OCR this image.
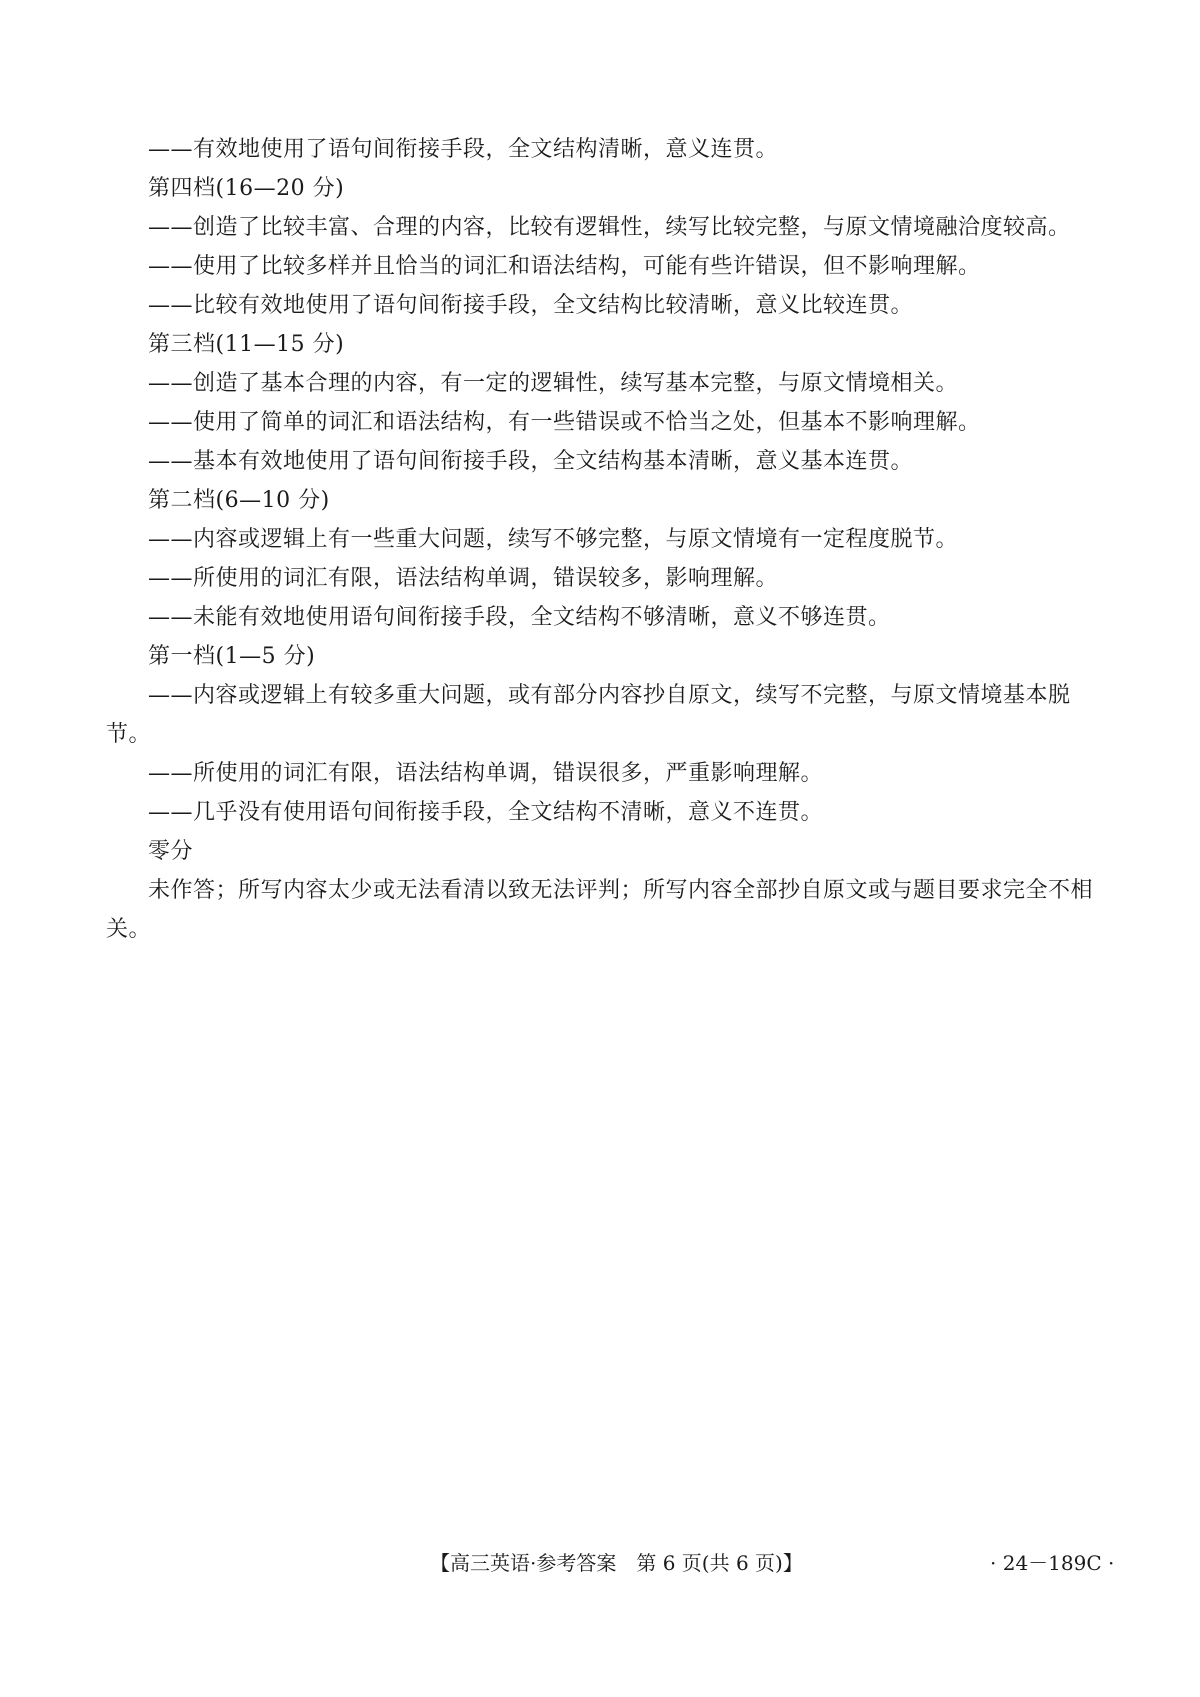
——有效地使用了语句间衔接手段，全文结构清晰，意义连贯。

第四档(16—20 分)

——创造了比较丰富、合理的内容，比较有逻辑性，续写比较完整，与原文情境融洽度较高。

——使用了比较多样并且恰当的词汇和语法结构，可能有些许错误，但不影响理解。

——比较有效地使用了语句间衔接手段，全文结构比较清晰，意义比较连贯。

第三档(11—15 分)

——创造了基本合理的内容，有一定的逻辑性，续写基本完整，与原文情境相关。

——使用了简单的词汇和语法结构，有一些错误或不恰当之处，但基本不影响理解。

——基本有效地使用了语句间衔接手段，全文结构基本清晰，意义基本连贯。

第二档(6—10 分)

——内容或逻辑上有一些重大问题，续写不够完整，与原文情境有一定程度脱节。

——所使用的词汇有限，语法结构单调，错误较多，影响理解。

——未能有效地使用语句间衔接手段，全文结构不够清晰，意义不够连贯。

第一档(1—5 分)

——内容或逻辑上有较多重大问题，或有部分内容抄自原文，续写不完整，与原文情境基本脱节。

——所使用的词汇有限，语法结构单调，错误很多，严重影响理解。

——几乎没有使用语句间衔接手段，全文结构不清晰，意义不连贯。

零分

未作答；所写内容太少或无法看清以致无法评判；所写内容全部抄自原文或与题目要求完全不相关。

【高三英语·参考答案　第 6 页(共 6 页)】	· 24－189C ·
